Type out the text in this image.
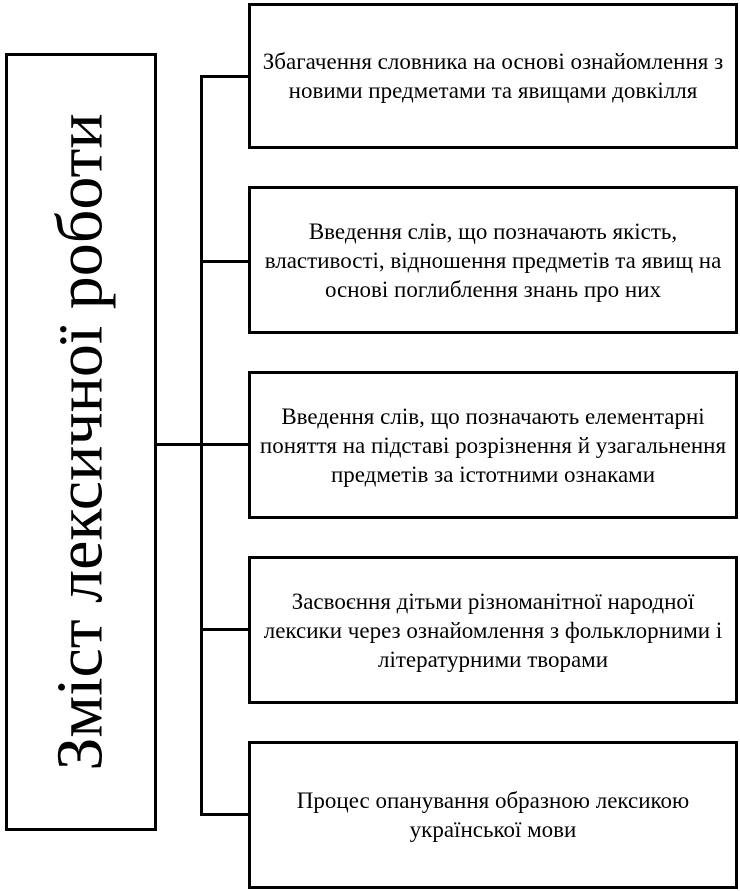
Зміст лексичної роботи
Збагачення словника на основі ознайомлення з новими предметами та явищами довкілля
Введення слів, що позначають якість, властивості, відношення предметів та явищ на основі поглиблення знань про них
Введення слів, що позначають елементарні поняття на підставі розрізнення й узагальнення предметів за істотними ознаками
Засвоєння дітьми різноманітної народної лексики через ознайомлення з фольклорними і літературними творами
Процес опанування образною лексикою української мови
